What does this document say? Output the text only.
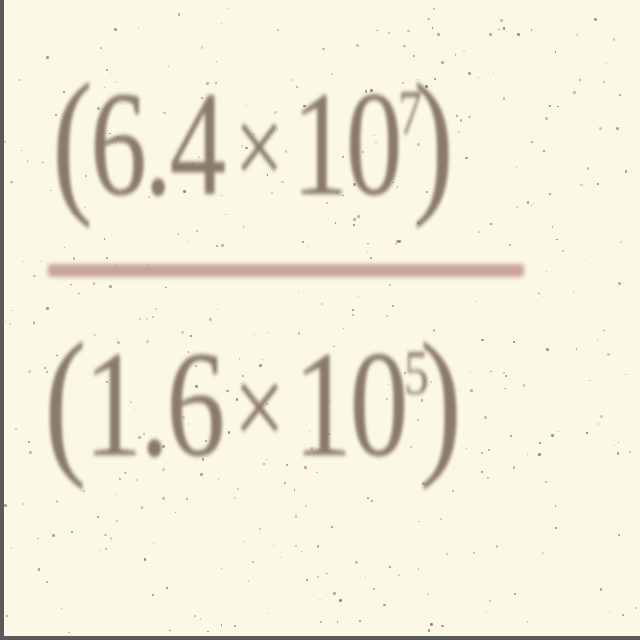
$(6.4\times 10^7)$
$(1.6\times 10^5)$
